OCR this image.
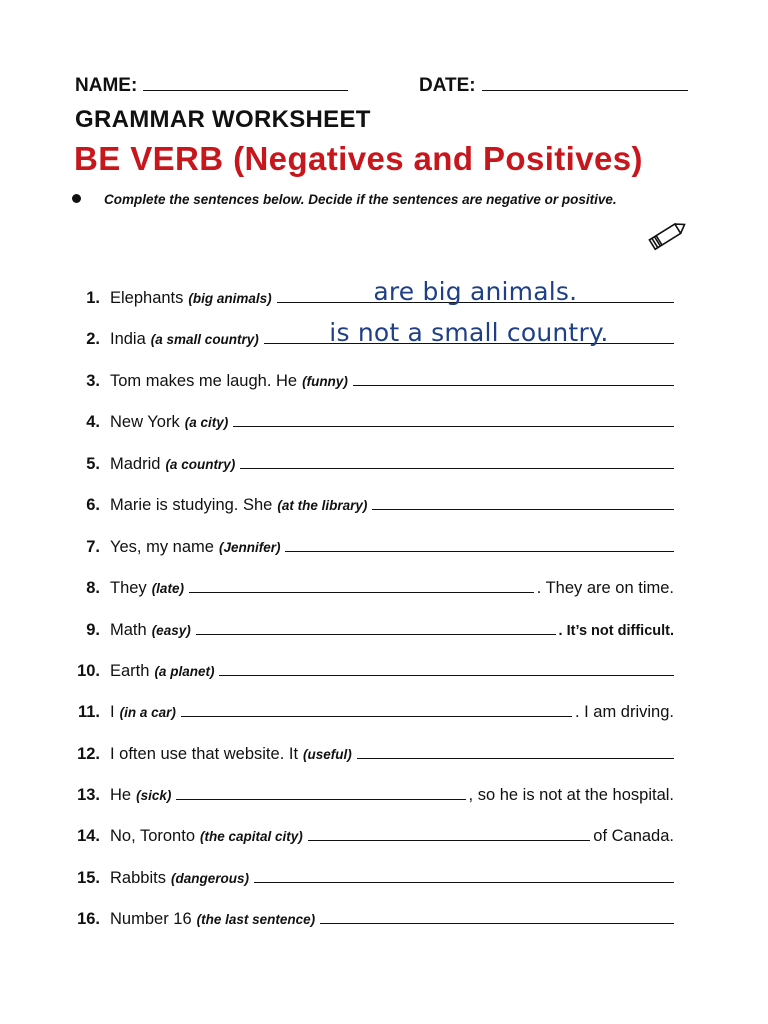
NAME:	DATE:
GRAMMAR WORKSHEET
BE VERB (Negatives and Positives)
Complete the sentences below. Decide if the sentences are negative or positive.
1. Elephants (big animals)	are big animals.
2. India (a small country)	is not a small country.
3. Tom makes me laugh. He (funny)
4. New York (a city)
5. Madrid (a country)
6. Marie is studying. She (at the library)
7. Yes, my name (Jennifer)
8. They (late)	. They are on time.
9. Math (easy)	. It’s not difficult.
10. Earth (a planet)
11. I (in a car)	. I am driving.
12. I often use that website. It (useful)
13. He (sick)	, so he is not at the hospital.
14. No, Toronto (the capital city)	of Canada.
15. Rabbits (dangerous)
16. Number 16 (the last sentence)
